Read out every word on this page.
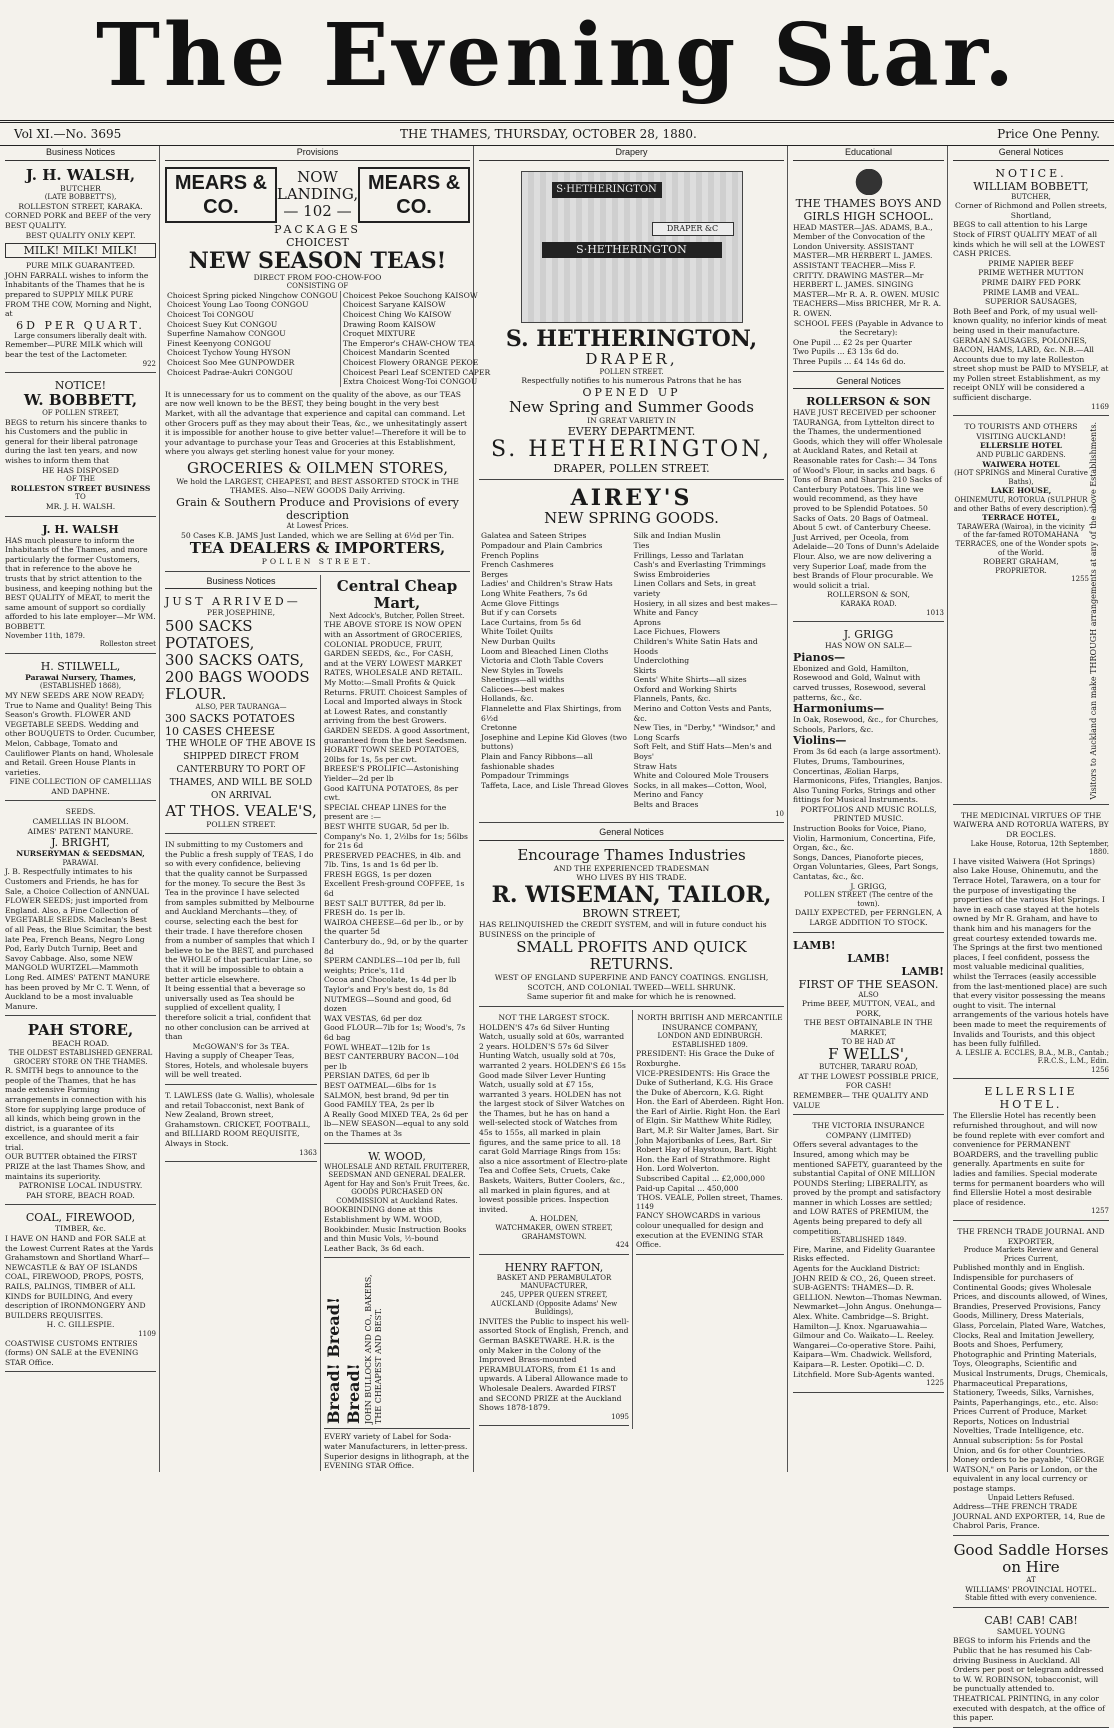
The Evening Star.
Vol XI.—No. 3695	THE THAMES, THURSDAY, OCTOBER 28, 1880.	Price One Penny.
Business Notices
J. H. WALSH,
BUTCHER
(LATE BOBBETT'S),
ROLLESTON STREET, KARAKA.
CORNED PORK and BEEF of the very BEST QUALITY.
BEST QUALITY ONLY KEPT.
MILK! MILK! MILK!
PURE MILK GUARANTEED.
JOHN FARRALL wishes to inform the Inhabitants of the Thames that he is prepared to SUPPLY MILK PURE FROM THE COW, Morning and Night, at
6D PER QUART.
Large consumers liberally dealt with.
Remember—PURE MILK which will bear the test of the Lactometer.
922
NOTICE!
W. BOBBETT,
OF POLLEN STREET,
BEGS to return his sincere thanks to his Customers and the public in general for their liberal patronage during the last ten years, and now wishes to inform them that
HE HAS DISPOSED
OF THE
ROLLESTON STREET BUSINESS
TO
MR. J. H. WALSH.
J. H. WALSH
HAS much pleasure to inform the Inhabitants of the Thames, and more particularly the former Customers, that in reference to the above he trusts that by strict attention to the business, and keeping nothing but the BEST QUALITY of MEAT, to merit the same amount of support so cordially afforded to his late employer—Mr WM. BOBBETT.
November 11th, 1879.
Rolleston street
H. STILWELL,
Parawai Nursery, Thames,
(ESTABLISHED 1868),
MY NEW SEEDS ARE NOW READY; True to Name and Quality! Being This Season's Growth. FLOWER AND VEGETABLE SEEDS. Wedding and other BOUQUETS to Order. Cucumber, Melon, Cabbage, Tomato and Cauliflower Plants on hand, Wholesale and Retail. Green House Plants in varieties.
FINE COLLECTION OF CAMELLIAS AND DAPHNE.
SEEDS.
CAMELLIAS IN BLOOM.
AIMES' PATENT MANURE.
J. BRIGHT,
NURSERYMAN & SEEDSMAN,
PARAWAI.
J. B. Respectfully intimates to his Customers and Friends, he has for Sale, a Choice Collection of ANNUAL FLOWER SEEDS; just imported from England. Also, a Fine Collection of VEGETABLE SEEDS. Maclean's Best of all Peas, the Blue Scimitar, the best late Pea, French Beans, Negro Long Pod, Early Dutch Turnip, Beet and Savoy Cabbage. Also, some NEW MANGOLD WURTZEL—Mammoth Long Red. AIMES' PATENT MANURE has been proved by Mr C. T. Wenn, of Auckland to be a most invaluable Manure.
PAH STORE,
BEACH ROAD.
THE OLDEST ESTABLISHED GENERAL GROCERY STORE ON THE THAMES.
R. SMITH begs to announce to the people of the Thames, that he has made extensive Farming arrangements in connection with his Store for supplying large produce of all kinds, which being grown in the district, is a guarantee of its excellence, and should merit a fair trial.
OUR BUTTER obtained the FIRST PRIZE at the last Thames Show, and maintains its superiority.
PATRONISE LOCAL INDUSTRY.
PAH STORE, BEACH ROAD.
COAL, FIREWOOD,
TIMBER, &c.
I HAVE ON HAND and FOR SALE at the Lowest Current Rates at the Yards Grahamstown and Shortland Wharf— NEWCASTLE & BAY OF ISLANDS COAL, FIREWOOD, PROPS, POSTS, RAILS, PALINGS, TIMBER of ALL KINDS for BUILDING, And every description of IRONMONGERY AND BUILDERS REQUISITES.
H. C. GILLESPIE.
1109
COASTWISE CUSTOMS ENTRIES (forms) ON SALE at the EVENING STAR Office.
Provisions
MEARS & CO.
NOW LANDING,
— 102 —
MEARS & CO.
PACKAGES
CHOICEST
NEW SEASON TEAS!
DIRECT FROM FOO-CHOW-FOO
CONSISTING OF
Choicest Spring picked Ningchow CONGOU
Choicest Young Lao Toong CONGOU
Choicest Toi CONGOU
Choicest Suey Kut CONGOU
Superfine Namahow CONGOU
Finest Keenyong CONGOU
Choicest Tychow Young HYSON
Choicest Soo Mee GUNPOWDER
Choicest Padrae-Aukri CONGOU
Choicest Pekoe Souchong KAISOW
Choicest Saryane KAISOW
Choicest Ching Wo KAISOW
Drawing Room KAISOW
Croquet MIXTURE
The Emperor's CHAW-CHOW TEA
Choicest Mandarin Scented
Choicest Flowery ORANGE PEKOE
Choicest Pearl Leaf SCENTED CAPER
Extra Choicest Wong-Toi CONGOU
It is unnecessary for us to comment on the quality of the above, as our TEAS are now well known to be the BEST, they being bought in the very best Market, with all the advantage that experience and capital can command. Let other Grocers puff as they may about their Teas, &c., we unhesitatingly assert it is impossible for another house to give better value!—Therefore it will be to your advantage to purchase your Teas and Groceries at this Establishment, where you always get sterling honest value for your money.
GROCERIES & OILMEN STORES,
We hold the LARGEST, CHEAPEST, and BEST ASSORTED STOCK in THE THAMES. Also—NEW GOODS Daily Arriving.
Grain & Southern Produce and Provisions of every description
At Lowest Prices.
50 Cases K.B. JAMS Just Landed, which we are Selling at 6½d per Tin.
TEA DEALERS & IMPORTERS,
POLLEN STREET.
Business Notices
JUST ARRIVED—
PER JOSEPHINE,
500 SACKS POTATOES,
300 SACKS OATS,
200 BAGS WOODS FLOUR.
ALSO, PER TAURANGA—
300 SACKS POTATOES
10 CASES CHEESE
THE WHOLE OF THE ABOVE IS SHIPPED DIRECT FROM CANTERBURY TO PORT OF THAMES, AND WILL BE SOLD ON ARRIVAL
AT THOS. VEALE'S,
POLLEN STREET.
IN submitting to my Customers and the Public a fresh supply of TEAS, I do so with every confidence, believing that the quality cannot be Surpassed for the money. To secure the Best 3s Tea in the province I have selected from samples submitted by Melbourne and Auckland Merchants—they, of course, selecting each the best for their trade. I have therefore chosen from a number of samples that which I believe to be the BEST, and purchased the WHOLE of that particular Line, so that it will be impossible to obtain a better article elsewhere.
It being essential that a beverage so universally used as Tea should be supplied of excellent quality, I therefore solicit a trial, confident that no other conclusion can be arrived at than
McGOWAN'S for 3s TEA.
Having a supply of Cheaper Teas, Stores, Hotels, and wholesale buyers will be well treated.
T. LAWLESS (late G. Wallis), wholesale and retail Tobacconist, next Bank of New Zealand, Brown street, Grahamstown. CRICKET, FOOTBALL, and BILLIARD ROOM REQUISITE, Always in Stock.
1363
Central Cheap Mart,
Next Adcock's, Butcher, Pollen Street.
THE ABOVE STORE IS NOW OPEN with an Assortment of GROCERIES, COLONIAL PRODUCE, FRUIT, GARDEN SEEDS, &c., For CASH, and at the VERY LOWEST MARKET RATES, WHOLESALE AND RETAIL. My Motto:—Small Profits & Quick Returns. FRUIT. Choicest Samples of Local and Imported always in Stock at Lowest Rates, and constantly arriving from the best Growers. GARDEN SEEDS. A good Assortment, guaranteed from the best Seedsmen.
HOBART TOWN SEED POTATOES, 20lbs for 1s, 5s per cwt.
BREESE'S PROLIFIC—Astonishing Yielder—2d per lb
Good KAITUNA POTATOES, 8s per cwt.
SPECIAL CHEAP LINES for the present are :—
BEST WHITE SUGAR, 5d per lb.
Company's No. 1, 2½lbs for 1s; 56lbs for 21s 6d
PRESERVED PEACHES, in 4lb. and 7lb. Tins, 1s and 1s 6d per lb.
FRESH EGGS, 1s per dozen
Excellent Fresh-ground COFFEE, 1s 6d
BEST SALT BUTTER, 8d per lb.
FRESH do. 1s per lb.
WAIROA CHEESE—6d per lb., or by the quarter 5d
Canterbury do., 9d, or by the quarter 8d
SPERM CANDLES—10d per lb, full weights; Price's, 11d
Cocoa and Chocolate, 1s 4d per lb
Taylor's and Fry's best do, 1s 8d
NUTMEGS—Sound and good, 6d dozen
WAX VESTAS, 6d per doz
Good FLOUR—7lb for 1s; Wood's, 7s 6d bag
FOWL WHEAT—12lb for 1s
BEST CANTERBURY BACON—10d per lb
PERSIAN DATES, 6d per lb
BEST OATMEAL—6lbs for 1s
SALMON, best brand, 9d per tin
Good FAMILY TEA, 2s per lb
A Really Good MIXED TEA, 2s 6d per lb—NEW SEASON—equal to any sold on the Thames at 3s
W. WOOD,
WHOLESALE AND RETAIL FRUITERER, SEEDSMAN AND GENERAL DEALER. Agent for Hay and Son's Fruit Trees, &c. GOODS PURCHASED ON COMMISSION at Auckland Rates.
BOOKBINDING done at this Establishment by WM. WOOD, Bookbinder. Music Instruction Books and thin Music Vols, ½-bound Leather Back, 3s 6d each.
Bread! Bread! Bread! JOHN BULLOCK AND CO., BAKERS, THE CHEAPEST AND BEST.
EVERY variety of Label for Soda-water Manufacturers, in letter-press. Superior designs in lithograph, at the EVENING STAR Office.
Drapery
S·HETHERINGTON
DRAPER &C
S·HETHERINGTON
S. HETHERINGTON,
DRAPER,
POLLEN STREET.
Respectfully notifies to his numerous Patrons that he has
OPENED UP
New Spring and Summer Goods
IN GREAT VARIETY IN
EVERY DEPARTMENT.
S. HETHERINGTON,
DRAPER, POLLEN STREET.
AIREY'S
NEW SPRING GOODS.
Galatea and Sateen Stripes
Pompadour and Plain Cambrics
French Poplins
French Cashmeres
Berges
Ladies' and Children's Straw Hats
Long White Feathers, 7s 6d
Acme Glove Fittings
But if y can Corsets
Lace Curtains, from 5s 6d
White Toilet Quilts
New Durban Quilts
Loom and Bleached Linen Cloths
Victoria and Cloth Table Covers
New Styles in Towels
Sheetings—all widths
Calicoes—best makes
Hollands, &c.
Flannelette and Flax Shirtings, from 6½d
Cretonne
Josephine and Lepine Kid Gloves (two buttons)
Plain and Fancy Ribbons—all fashionable shades
Pompadour Trimmings
Taffeta, Lace, and Lisle Thread Gloves
Silk and Indian Muslin
Ties
Frillings, Lesso and Tarlatan
Cash's and Everlasting Trimmings
Swiss Embroideries
Linen Collars and Sets, in great variety
Hosiery, in all sizes and best makes—White and Fancy
Aprons
Lace Fichues, Flowers
Children's White Satin Hats and Hoods
Underclothing
Skirts
Gents' White Shirts—all sizes
Oxford and Working Shirts
Flannels, Pants, &c.
Merino and Cotton Vests and Pants, &c.
New Ties, in "Derby," "Windsor," and Long Scarfs
Soft Felt, and Stiff Hats—Men's and Boys'
Straw Hats
White and Coloured Mole Trousers
Socks, in all makes—Cotton, Wool, Merino and Fancy
Belts and Braces
10
General Notices
Encourage Thames Industries
AND THE EXPERIENCED TRADESMAN
WHO LIVES BY HIS TRADE.
R. WISEMAN, TAILOR,
BROWN STREET,
HAS RELINQUISHED the CREDIT SYSTEM, and will in future conduct his BUSINESS on the principle of
SMALL PROFITS AND QUICK RETURNS.
WEST OF ENGLAND SUPERFINE AND FANCY COATINGS. ENGLISH, SCOTCH, AND COLONIAL TWEED—WELL SHRUNK.
Same superior fit and make for which he is renowned.
NOT THE LARGEST STOCK.
HOLDEN'S 47s 6d Silver Hunting Watch, usually sold at 60s, warranted 2 years. HOLDEN'S 57s 6d Silver Hunting Watch, usually sold at 70s, warranted 2 years. HOLDEN'S £6 15s Good made Silver Lever Hunting Watch, usually sold at £7 15s, warranted 3 years. HOLDEN has not the largest stock of Silver Watches on the Thames, but he has on hand a well-selected stock of Watches from 45s to 155s, all marked in plain figures, and the same price to all. 18 carat Gold Marriage Rings from 15s: also a nice assortment of Electro-plate Tea and Coffee Sets, Cruets, Cake Baskets, Waiters, Butter Coolers, &c., all marked in plain figures, and at lowest possible prices. Inspection invited.
A. HOLDEN,
WATCHMAKER, OWEN STREET, GRAHAMSTOWN.
424
HENRY RAFTON,
BASKET AND PERAMBULATOR MANUFACTURER,
245, UPPER QUEEN STREET, AUCKLAND (Opposite Adams' New Buildings),
INVITES the Public to inspect his well-assorted Stock of English, French, and German BASKETWARE. H.R. is the only Maker in the Colony of the Improved Brass-mounted PERAMBULATORS, from £1 1s and upwards. A Liberal Allowance made to Wholesale Dealers. Awarded FIRST and SECOND PRIZE at the Auckland Shows 1878-1879.
1095
NORTH BRITISH AND MERCANTILE INSURANCE COMPANY,
LONDON AND EDINBURGH.
ESTABLISHED 1809.
PRESIDENT: His Grace the Duke of Roxburghe.
VICE-PRESIDENTS: His Grace the Duke of Sutherland, K.G. His Grace the Duke of Abercorn, K.G. Right Hon. the Earl of Aberdeen. Right Hon. the Earl of Airlie. Right Hon. the Earl of Elgin. Sir Matthew White Ridley, Bart, M.P. Sir Walter James, Bart. Sir John Majoribanks of Lees, Bart. Sir Robert Hay of Haystoun, Bart. Right Hon. the Earl of Strathmore. Right Hon. Lord Wolverton.
Subscribed Capital ... £2,000,000
Paid-up Capital ... 450,000
THOS. VEALE, Pollen street, Thames.
1149
FANCY SHOWCARDS in various colour unequalled for design and execution at the EVENING STAR Office.
Educational
THE THAMES BOYS AND GIRLS HIGH SCHOOL.
HEAD MASTER—JAS. ADAMS, B.A., Member of the Convocation of the London University. ASSISTANT MASTER—MR HERBERT L. JAMES. ASSISTANT TEACHER—Miss F. CRITTY. DRAWING MASTER—Mr HERBERT L. JAMES. SINGING MASTER—Mr R. A. R. OWEN. MUSIC TEACHERS—Miss BRICHER, Mr R. A. R. OWEN.
SCHOOL FEES (Payable in Advance to the Secretary):
One Pupil ... £2 2s per Quarter
Two Pupils ... £3 13s 6d do.
Three Pupils ... £4 14s 6d do.
General Notices
ROLLERSON & SON
HAVE JUST RECEIVED per schooner TAURANGA, from Lyttelton direct to the Thames, the undermentioned Goods, which they will offer Wholesale at Auckland Rates, and Retail at Reasonable rates for Cash:— 34 Tons of Wood's Flour, in sacks and bags. 6 Tons of Bran and Sharps. 210 Sacks of Canterbury Potatoes. This line we would recommend, as they have proved to be Splendid Potatoes. 50 Sacks of Oats. 20 Bags of Oatmeal. About 5 cwt. of Canterbury Cheese. Just Arrived, per Oceola, from Adelaide—20 Tons of Dunn's Adelaide Flour. Also, we are now delivering a very Superior Loaf, made from the best Brands of Flour procurable. We would solicit a trial.
ROLLERSON & SON,
KARAKA ROAD.
1013
J. GRIGG
HAS NOW ON SALE—
Pianos—
Ebonized and Gold, Hamilton, Rosewood and Gold, Walnut with carved trusses, Rosewood, several patterns, &c., &c.
Harmoniums—
In Oak, Rosewood, &c., for Churches, Schools, Parlors, &c.
Violins—
From 3s 6d each (a large assortment). Flutes, Drums, Tambourines, Concertinas, Æolian Harps, Harmonicons, Fifes, Triangles, Banjos. Also Tuning Forks, Strings and other fittings for Musical Instruments.
PORTFOLIOS AND MUSIC ROLLS, PRINTED MUSIC.
Instruction Books for Voice, Piano, Violin, Harmonium, Concertina, Fife, Organ, &c., &c.
Songs, Dances, Pianoforte pieces, Organ Voluntaries, Glees, Part Songs, Cantatas, &c., &c.
J. GRIGG,
POLLEN STREET (The centre of the town).
DAILY EXPECTED, per FERNGLEN, A LARGE ADDITION TO STOCK.
LAMB!
LAMB!
LAMB!
FIRST OF THE SEASON.
ALSO
Prime BEEF, MUTTON, VEAL, and PORK,
THE BEST OBTAINABLE IN THE MARKET,
TO BE HAD AT
F WELLS',
BUTCHER, TARARU ROAD,
AT THE LOWEST POSSIBLE PRICE, FOR CASH!
REMEMBER— THE QUALITY AND VALUE
THE VICTORIA INSURANCE COMPANY (LIMITED)
Offers several advantages to the Insured, among which may be mentioned SAFETY, guaranteed by the substantial Capital of ONE MILLION POUNDS Sterling; LIBERALITY, as proved by the prompt and satisfactory manner in which Losses are settled; and LOW RATES of PREMIUM, the Agents being prepared to defy all competition.
ESTABLISHED 1849.
Fire, Marine, and Fidelity Guarantee Risks effected.
Agents for the Auckland District: JOHN REID & CO., 26, Queen street.
SUB-AGENTS: THAMES—D. R. GELLION. Newton—Thomas Newman. Newmarket—John Angus. Onehunga—Alex. White. Cambridge—S. Bright. Hamilton—J. Knox. Ngaruawahia—Gilmour and Co. Waikato—L. Reeley. Wangarei—Co-operative Store. Paihi, Kaipara—Wm. Chadwick. Wellsford, Kaipara—R. Lester. Opotiki—C. D. Litchfield. More Sub-Agents wanted.
1225
General Notices
NOTICE.
WILLIAM BOBBETT,
BUTCHER,
Corner of Richmond and Pollen streets, Shortland,
BEGS to call attention to his Large Stock of FIRST QUALITY MEAT of all kinds which he will sell at the LOWEST CASH PRICES.
PRIME NAPIER BEEF
PRIME WETHER MUTTON
PRIME DAIRY FED PORK
PRIME LAMB and VEAL.
SUPERIOR SAUSAGES,
Both Beef and Pork, of my usual well-known quality, no inferior kinds of meat being used in their manufacture. GERMAN SAUSAGES, POLONIES, BACON, HAMS, LARD, &c. N.B.—All Accounts due to my late Rolleston street shop must be PAID to MYSELF, at my Pollen street Establishment, as my receipt ONLY will be considered a sufficient discharge.
1169
TO TOURISTS AND OTHERS VISITING AUCKLAND!
ELLERSLIE HOTEL
AND PUBLIC GARDENS.
WAIWERA HOTEL
(HOT SPRINGS and Mineral Curative Baths),
LAKE HOUSE,
OHINEMUTU, ROTORUA (SULPHUR and other Baths of every description).
TERRACE HOTEL,
TARAWERA (Wairoa), in the vicinity of the far-famed ROTOMAHANA TERRACES, one of the Wonder spots of the World.
ROBERT GRAHAM,
PROPRIETOR.
1255 Visitors to Auckland can make THROUGH arrangements at any of the above Establishments.
THE MEDICINAL VIRTUES OF THE WAIWERA AND ROTORUA WATERS, BY DR EOCLES.
Lake House, Rotorua, 12th September, 1880.
I have visited Waiwera (Hot Springs) also Lake House, Ohinemutu, and the Terrace Hotel, Tarawera, on a tour for the purpose of investigating the properties of the various Hot Springs. I have in each case stayed at the hotels owned by Mr R. Graham, and have to thank him and his managers for the great courtesy extended towards me. The Springs at the first two mentioned places, I feel confident, possess the most valuable medicinal qualities, whilst the Terraces (easily accessible from the last-mentioned place) are such that every visitor possessing the means ought to visit. The internal arrangements of the various hotels have been made to meet the requirements of Invalids and Tourists, and this object has been fully fulfilled.
A. LESLIE A. ECCLES, B.A., M.B., Cantab.; F.R.C.S., L.M., Edin.
1256
ELLERSLIE HOTEL.
The Ellerslie Hotel has recently been refurnished throughout, and will now be found replete with ever comfort and convenience for PERMANENT BOARDERS, and the travelling public generally. Apartments en suite for ladies and families. Special moderate terms for permanent boarders who will find Ellerslie Hotel a most desirable place of residence.
1257
THE FRENCH TRADE JOURNAL AND EXPORTER,
Produce Markets Review and General Prices Current,
Published monthly and in English. Indispensible for purchasers of Continental Goods; gives Wholesale Prices, and discounts allowed, of Wines, Brandies, Preserved Provisions, Fancy Goods, Millinery, Dress Materials, Glass, Porcelain, Plated Ware, Watches, Clocks, Real and Imitation Jewellery, Boots and Shoes, Perfumery, Photographic and Printing Materials, Toys, Oleographs, Scientific and Musical Instruments, Drugs, Chemicals, Pharmaceutical Preparations, Stationery, Tweeds, Silks, Varnishes, Paints, Paperhangings, etc., etc. Also: Prices Current of Produce, Market Reports, Notices on Industrial Novelties, Trade Intelligence, etc.
Annual subscription: 5s for Postal Union, and 6s for other Countries.
Money orders to be payable, "GEORGE WATSON," on Paris or London, or the equivalent in any local currency or postage stamps.
Unpaid Letters Refused.
Address—THE FRENCH TRADE JOURNAL AND EXPORTER, 14, Rue de Chabrol Paris, France.
Good Saddle Horses
on Hire
AT
WILLIAMS' PROVINCIAL HOTEL.
Stable fitted with every convenience.
CAB! CAB! CAB!
SAMUEL YOUNG
BEGS to inform his Friends and the Public that he has resumed his Cab-driving Business in Auckland. All Orders per post or telegram addressed to W. W. ROBINSON, tobacconist, will be punctually attended to.
THEATRICAL PRINTING, in any color executed with despatch, at the office of this paper.
